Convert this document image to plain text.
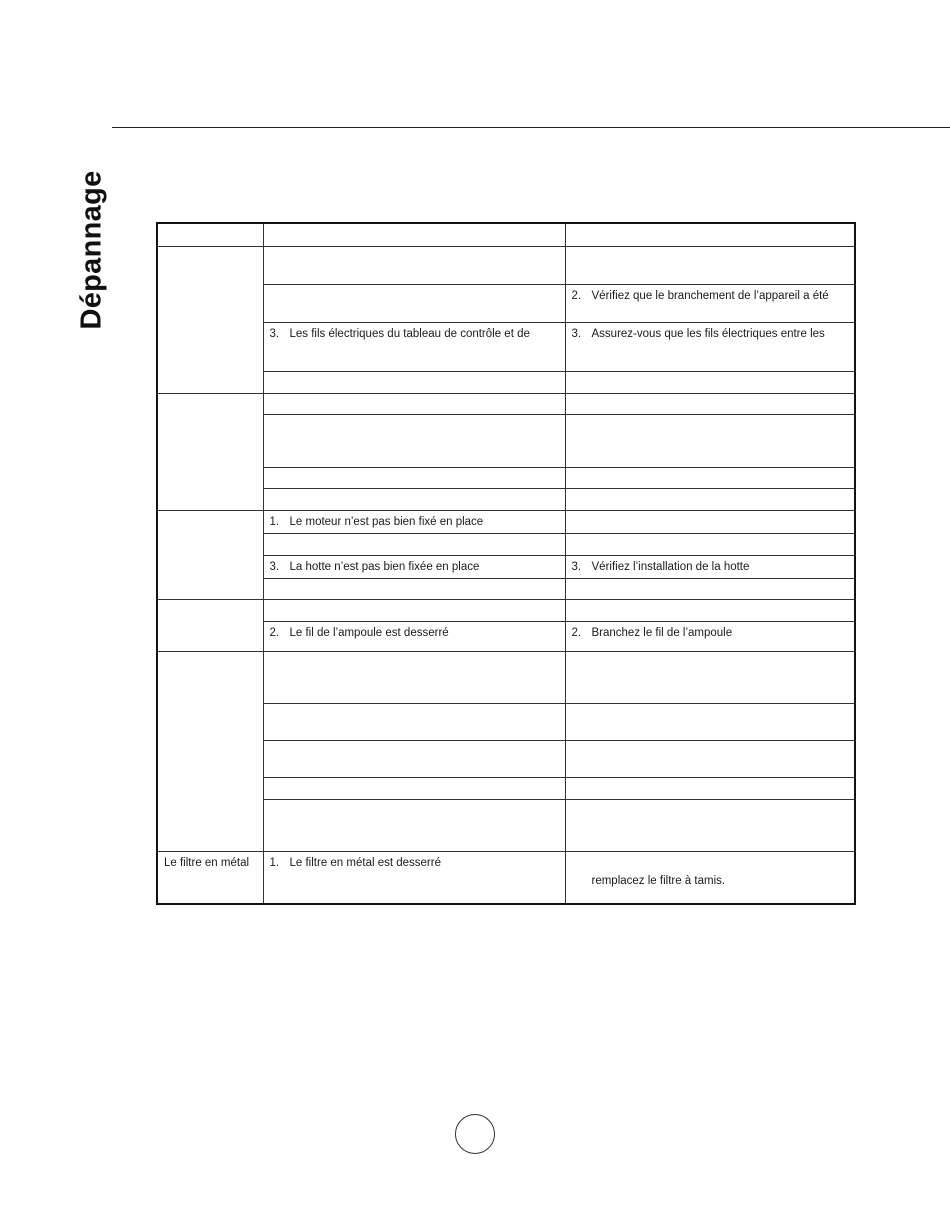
Dépannage

		2. Vérifiez que le branchement de l’appareil a été

	3. Les fils électriques du tableau de contrôle et de	3. Assurez-vous que les fils électriques entre les

	1. Le moteur n’est pas bien fixé en place	

	3. La hotte n’est pas bien fixée en place	3. Vérifiez l’installation de la hotte

	2. Le fil de l’ampoule est desserré	2. Branchez le fil de l’ampoule

Le filtre en métal	1. Le filtre en métal est desserré	remplacez le filtre à tamis.
